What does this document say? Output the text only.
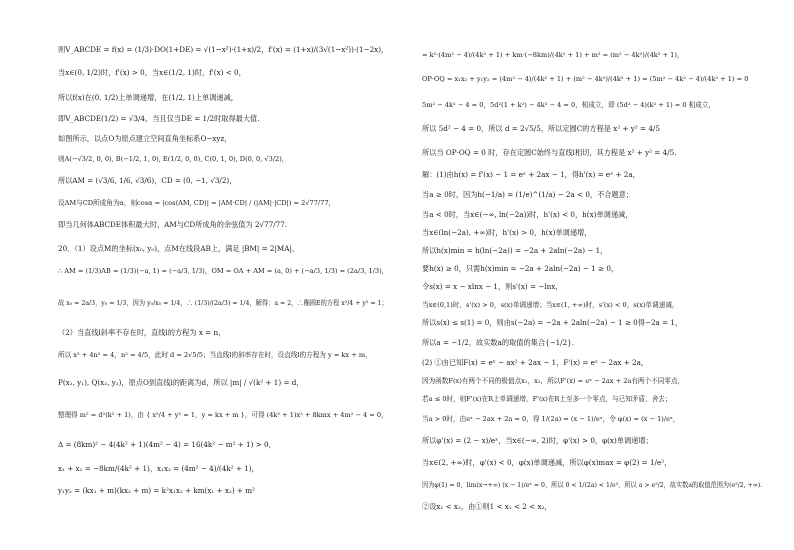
则V_ABCDE = f(x) = (1/3)·DO(1+DE) = √(1−x²)·(1+x)/2，f'(x) = (1+x)/(3√(1−x²))·(1−2x)，
当x∈(0, 1/2)时，f'(x) > 0，当x∈(1/2, 1)时，f'(x) < 0，
所以f(x)在(0, 1/2)上单调递增，在(1/2, 1)上单调递减，
即V_ABCDE(1/2) = √3/4，当且仅当DE = 1/2时取得最大值.
如图所示，以点O为原点建立空间直角坐标系O−xyz，
则A(−√3/2, 0, 0), B(−1/2, 1, 0), E(1/2, 0, 0), C(0, 1, 0), D(0, 0, √3/2)，
所以AM = (√3/6, 1/6, √3/6)，CD = (0, −1, √3/2)，
设AM与CD所成角为α，则cosα = |cos⟨AM, CD⟩| = |AM·CD| / (|AM|·|CD|) = 2√77/77，
即当几何体ABCDE体积最大时，AM与CD所成角的余弦值为 2√77/77.
20．（1）设点M的坐标(x₀, y₀)，点M在线段AB上，满足 |BM| = 2|MA|，
∴ AM = (1/3)AB = (1/3)(−a, 1) = (−a/3, 1/3)，OM = OA + AM = (a, 0) + (−a/3, 1/3) = (2a/3, 1/3)，
故 x₀ = 2a/3，y₀ = 1/3，因为 y₀/x₀ = 1/4，∴ (1/3)/(2a/3) = 1/4，解得：a = 2，∴椭圆E的方程 x²/4 + y² = 1；
（2）当直线l斜率不存在时，直线l的方程为 x = n，
所以 x² + 4n² = 4，n² = 4/5，此时 d = 2√5/5；当直线l的斜率存在时，设直线l的方程为 y = kx + m，
P(x₁, y₁), Q(x₂, y₂)，原点O到直线l的距离为d，所以 |m| / √(k² + 1) = d，
整理得 m² = d²(k² + 1)，由 { x²/4 + y² = 1，y = kx + m }，可得 (4k² + 1)x² + 8kmx + 4m² − 4 = 0，
Δ = (8km)² − 4(4k² + 1)(4m² − 4) = 16(4k² − m² + 1) > 0，
x₁ + x₂ = −8km/(4k² + 1)，x₁x₂ = (4m² − 4)/(4k² + 1)，
y₁y₂ = (kx₁ + m)(kx₂ + m) = k²x₁x₂ + km(x₁ + x₂) + m²
= k²·(4m² − 4)/(4k² + 1) + km·(−8km)/(4k² + 1) + m² = (m² − 4k²)/(4k² + 1)，
OP·OQ = x₁x₂ + y₁y₂ = (4m² − 4)/(4k² + 1) + (m² − 4k²)/(4k² + 1) = (5m² − 4k² − 4)/(4k² + 1) = 0
5m² − 4k² − 4 = 0，5d²(1 + k²) − 4k² − 4 = 0，相成立，即 (5d² − 4)(k² + 1) = 0 相成立，
所以 5d² − 4 = 0，所以 d = 2√5/5，所以定圆C的方程是 x² + y² = 4/5
所以当 OP·OQ = 0 时，存在定圆C始终与直线l相切，其方程是 x² + y² = 4/5.
解：(1)由h(x) = f'(x) − 1 = eˣ + 2ax − 1，得h'(x) = eˣ + 2a，
当a ≥ 0时，因为h(−1/a) = (1/e)^(1/a) − 2a < 0，不合题意；
当a < 0时，当x∈(−∞, ln(−2a))时，h'(x) < 0，h(x)单调递减，
当x∈(ln(−2a), +∞)时，h'(x) > 0，h(x)单调递增，
所以h(x)min = h(ln(−2a)) = −2a + 2aln(−2a) − 1，
要h(x) ≥ 0，只需h(x)min = −2a + 2aln(−2a) − 1 ≥ 0，
令s(x) = x − xlnx − 1，则s'(x) = −lnx，
当x∈(0,1)时，s'(x) > 0，s(x)单调递增；当x∈(1, +∞)时，s'(x) < 0，s(x)单调递减，
所以s(x) ≤ s(1) = 0，则由s(−2a) = −2a + 2aln(−2a) − 1 ≥ 0得−2a = 1，
所以a = −1/2，故实数a的取值的集合{−1/2}.
(2) ①由已知F(x) = eˣ − ax² + 2ax − 1，F'(x) = eˣ − 2ax + 2a，
因为函数F(x)有两个不同的极值点x₁，x₂，所以F'(x) = eˣ − 2ax + 2a有两个不同零点，
若a ≤ 0时，则F'(x)在R上单调递增，F'(x)在R上至多一个零点，与已知矛盾，舍去；
当a > 0时，由eˣ − 2ax + 2a = 0，得 1/(2a) = (x − 1)/eˣ，令 φ(x) = (x − 1)/eˣ，
所以φ'(x) = (2 − x)/eˣ，当x∈(−∞, 2)时，φ'(x) > 0，φ(x)单调递增；
当x∈(2, +∞)时，φ'(x) < 0，φ(x)单调递减，所以φ(x)max = φ(2) = 1/e²，
因为φ(1) = 0，lim(x→+∞) (x − 1)/eˣ = 0，所以 0 < 1/(2a) < 1/e²，所以 a > e²/2，故实数a的取值范围为(e²/2, +∞).
②设x₁ < x₂，由①则1 < x₁ < 2 < x₂，
